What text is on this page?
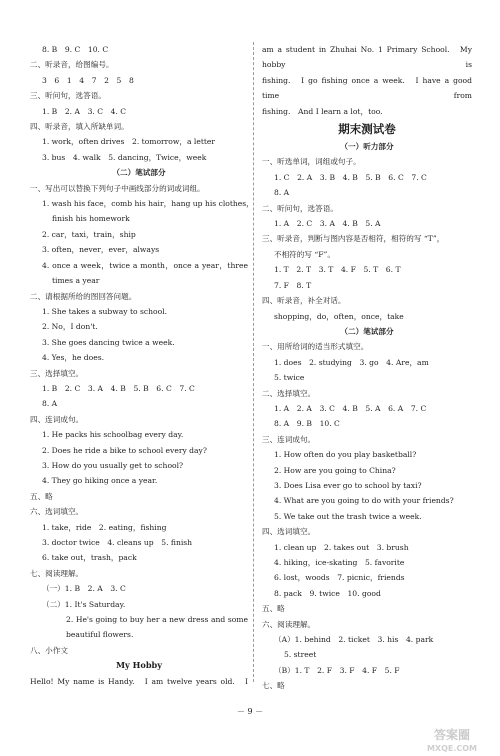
8. B　9. C　10. C
二、听录音，给图编号。
3　6　1　4　7　2　5　8
三、听问句，选答语。
1. B　2. A　3. C　4. C
四、听录音，填入所缺单词。
1. work，often drives　2. tomorrow，a letter
3. bus　4. walk　5. dancing，Twice，week
（二）笔试部分
一、写出可以替换下列句子中画线部分的词或词组。
1. wash his face，comb his hair，hang up his clothes，
finish his homework
2. car，taxi，train，ship
3. often，never，ever，always
4. once a week，twice a month，once a year，three
times a year
二、请根据所给的图回答问题。
1. She takes a subway to school.
2. No，I don't.
3. She goes dancing twice a week.
4. Yes，he does.
三、选择填空。
1. B　2. C　3. A　4. B　5. B　6. C　7. C
8. A
四、连词成句。
1. He packs his schoolbag every day.
2. Does he ride a bike to school every day?
3. How do you usually get to school?
4. They go hiking once a year.
五、略
六、选词填空。
1. take，ride　2. eating，fishing
3. doctor twice　4. cleans up　5. finish
6. take out，trash，pack
七、阅读理解。
（一）1. B　2. A　3. C
（二）1. It's Saturday.
2. He's going to buy her a new dress and some
beautiful flowers.
八、小作文
My Hobby
Hello! My name is Handy.　I am twelve years old.　I
am a student in Zhuhai No. 1 Primary School.　My hobby is
fishing.　I go fishing once a week.　I have a good time from
fishing.　And I learn a lot，too.
期末测试卷
（一）听力部分
一、听选单词，词组或句子。
1. C　2. A　3. B　4. B　5. B　6. C　7. C
8. A
二、听问句，选答语。
1. A　2. C　3. A　4. B　5. A
三、听录音，判断与图内容是否相符，相符的写 “T”，
不相符的写 “F”。
1. T　2. T　3. T　4. F　5. T　6. T
7. F　8. T
四、听录音，补全对话。
shopping，do，often，once，take
（二）笔试部分
一、用所给词的适当形式填空。
1. does　2. studying　3. go　4. Are，am
5. twice
二、选择填空。
1. A　2. A　3. C　4. B　5. A　6. A　7. C
8. A　9. B　10. C
三、连词成句。
1. How often do you play basketball?
2. How are you going to China?
3. Does Lisa ever go to school by taxi?
4. What are you going to do with your friends?
5. We take out the trash twice a week.
四、选词填空。
1. clean up　2. takes out　3. brush
4. hiking，ice-skating　5. favorite
6. lost，woods　7. picnic，friends
8. pack　9. twice　10. good
五、略
六、阅读理解。
（A）1. behind　2. ticket　3. his　4. park
5. street
（B）1. T　2. F　3. F　4. F　5. F
七、略
－ 9 －
答案圈
MXQE.COM
